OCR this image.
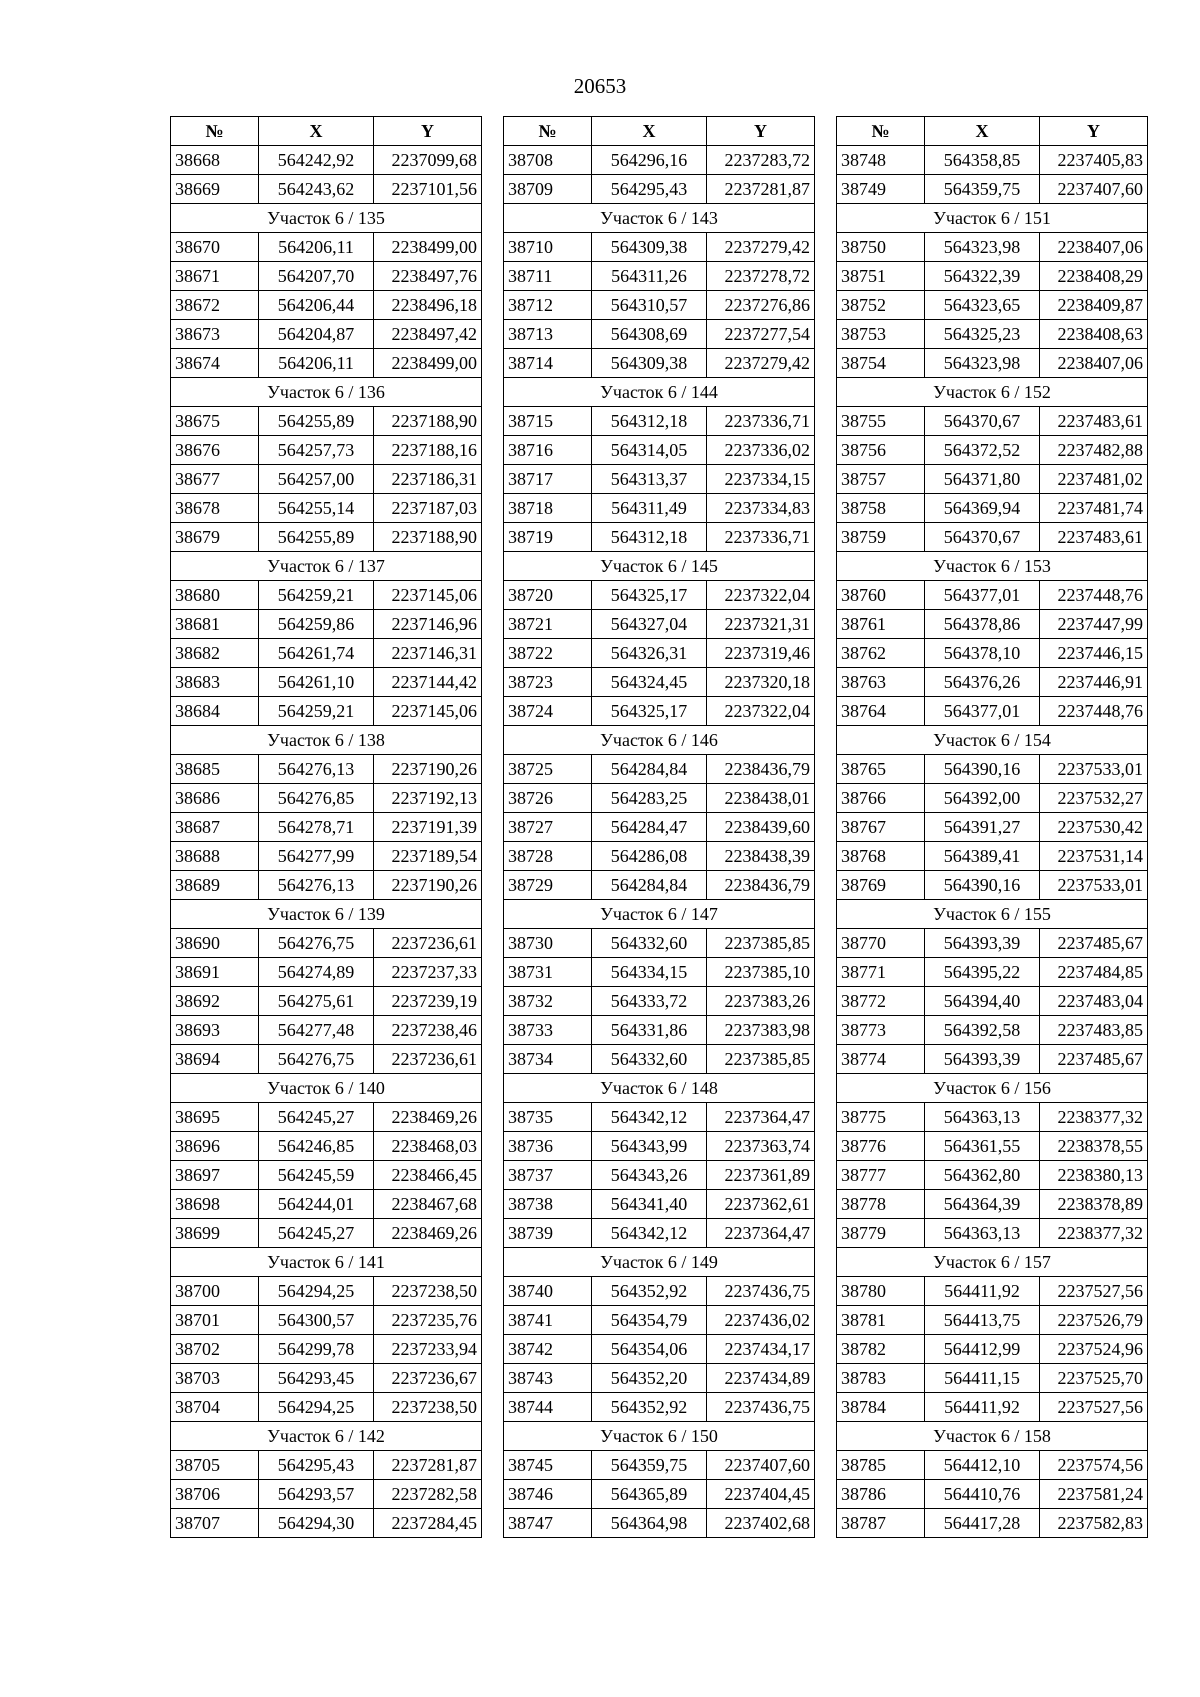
20653
№	X	Y
38668	564242,92	2237099,68
38669	564243,62	2237101,56
Участок 6 / 135		
38670	564206,11	2238499,00
38671	564207,70	2238497,76
38672	564206,44	2238496,18
38673	564204,87	2238497,42
38674	564206,11	2238499,00
Участок 6 / 136		
38675	564255,89	2237188,90
38676	564257,73	2237188,16
38677	564257,00	2237186,31
38678	564255,14	2237187,03
38679	564255,89	2237188,90
Участок 6 / 137		
38680	564259,21	2237145,06
38681	564259,86	2237146,96
38682	564261,74	2237146,31
38683	564261,10	2237144,42
38684	564259,21	2237145,06
Участок 6 / 138		
38685	564276,13	2237190,26
38686	564276,85	2237192,13
38687	564278,71	2237191,39
38688	564277,99	2237189,54
38689	564276,13	2237190,26
Участок 6 / 139		
38690	564276,75	2237236,61
38691	564274,89	2237237,33
38692	564275,61	2237239,19
38693	564277,48	2237238,46
38694	564276,75	2237236,61
Участок 6 / 140		
38695	564245,27	2238469,26
38696	564246,85	2238468,03
38697	564245,59	2238466,45
38698	564244,01	2238467,68
38699	564245,27	2238469,26
Участок 6 / 141		
38700	564294,25	2237238,50
38701	564300,57	2237235,76
38702	564299,78	2237233,94
38703	564293,45	2237236,67
38704	564294,25	2237238,50
Участок 6 / 142		
38705	564295,43	2237281,87
38706	564293,57	2237282,58
38707	564294,30	2237284,45
№	X	Y
38708	564296,16	2237283,72
38709	564295,43	2237281,87
Участок 6 / 143		
38710	564309,38	2237279,42
38711	564311,26	2237278,72
38712	564310,57	2237276,86
38713	564308,69	2237277,54
38714	564309,38	2237279,42
Участок 6 / 144		
38715	564312,18	2237336,71
38716	564314,05	2237336,02
38717	564313,37	2237334,15
38718	564311,49	2237334,83
38719	564312,18	2237336,71
Участок 6 / 145		
38720	564325,17	2237322,04
38721	564327,04	2237321,31
38722	564326,31	2237319,46
38723	564324,45	2237320,18
38724	564325,17	2237322,04
Участок 6 / 146		
38725	564284,84	2238436,79
38726	564283,25	2238438,01
38727	564284,47	2238439,60
38728	564286,08	2238438,39
38729	564284,84	2238436,79
Участок 6 / 147		
38730	564332,60	2237385,85
38731	564334,15	2237385,10
38732	564333,72	2237383,26
38733	564331,86	2237383,98
38734	564332,60	2237385,85
Участок 6 / 148		
38735	564342,12	2237364,47
38736	564343,99	2237363,74
38737	564343,26	2237361,89
38738	564341,40	2237362,61
38739	564342,12	2237364,47
Участок 6 / 149		
38740	564352,92	2237436,75
38741	564354,79	2237436,02
38742	564354,06	2237434,17
38743	564352,20	2237434,89
38744	564352,92	2237436,75
Участок 6 / 150		
38745	564359,75	2237407,60
38746	564365,89	2237404,45
38747	564364,98	2237402,68
№	X	Y
38748	564358,85	2237405,83
38749	564359,75	2237407,60
Участок 6 / 151		
38750	564323,98	2238407,06
38751	564322,39	2238408,29
38752	564323,65	2238409,87
38753	564325,23	2238408,63
38754	564323,98	2238407,06
Участок 6 / 152		
38755	564370,67	2237483,61
38756	564372,52	2237482,88
38757	564371,80	2237481,02
38758	564369,94	2237481,74
38759	564370,67	2237483,61
Участок 6 / 153		
38760	564377,01	2237448,76
38761	564378,86	2237447,99
38762	564378,10	2237446,15
38763	564376,26	2237446,91
38764	564377,01	2237448,76
Участок 6 / 154		
38765	564390,16	2237533,01
38766	564392,00	2237532,27
38767	564391,27	2237530,42
38768	564389,41	2237531,14
38769	564390,16	2237533,01
Участок 6 / 155		
38770	564393,39	2237485,67
38771	564395,22	2237484,85
38772	564394,40	2237483,04
38773	564392,58	2237483,85
38774	564393,39	2237485,67
Участок 6 / 156		
38775	564363,13	2238377,32
38776	564361,55	2238378,55
38777	564362,80	2238380,13
38778	564364,39	2238378,89
38779	564363,13	2238377,32
Участок 6 / 157		
38780	564411,92	2237527,56
38781	564413,75	2237526,79
38782	564412,99	2237524,96
38783	564411,15	2237525,70
38784	564411,92	2237527,56
Участок 6 / 158		
38785	564412,10	2237574,56
38786	564410,76	2237581,24
38787	564417,28	2237582,83
